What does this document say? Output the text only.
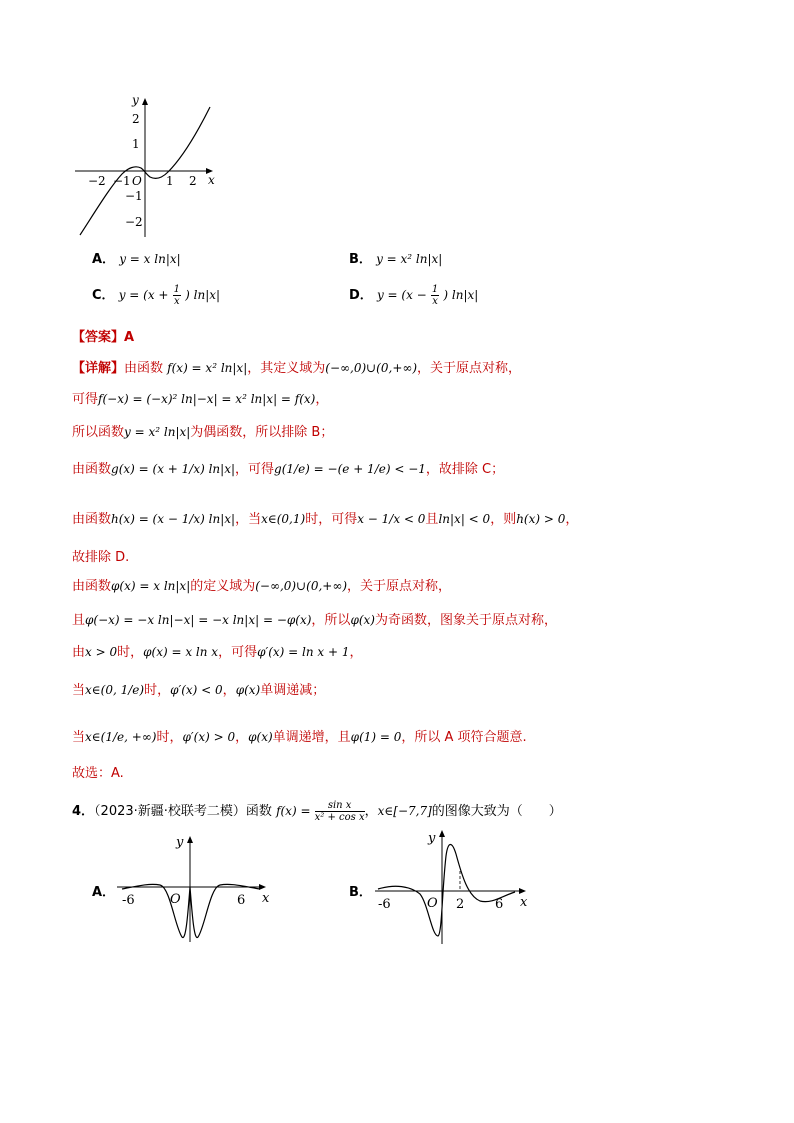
y
x
O
2
1
−1
−2
−2 −1	1 2
A． y = x ln|x|	B． y = x² ln|x|
C． $y = (x + \frac{1}{x}$ ) ln|x|	D． $y = (x - \frac{1}{x}$ ) ln|x|
【答案】A
【详解】由函数 f(x) = x² ln|x|，其定义域为(−∞,0)∪(0,+∞)，关于原点对称，
可得f(−x) = (−x)² ln|−x| = x² ln|x| = f(x)，
所以函数y = x² ln|x|为偶函数，所以排除 B；
由函数g(x) = (x + 1/x) ln|x|，可得g(1/e) = −(e + 1/e) < −1，故排除 C；
由函数h(x) = (x − 1/x) ln|x|，当x∈(0,1)时，可得x − 1/x < 0且ln|x| < 0，则h(x) > 0，
故排除 D.
由函数φ(x) = x ln|x|的定义域为(−∞,0)∪(0,+∞)，关于原点对称，
且φ(−x) = −x ln|−x| = −x ln|x| = −φ(x)，所以φ(x)为奇函数，图象关于原点对称，
由x > 0时，φ(x) = x ln x，可得φ′(x) = ln x + 1，
当x∈(0, 1/e)时，φ′(x) < 0，φ(x)单调递减；
当x∈(1/e, +∞)时，φ′(x) > 0，φ(x)单调递增，且φ(1) = 0，所以 A 项符合题意.
故选：A.
4．（2023·新疆·校联考二模）函数 $f(x) = \frac{\text{sin x}}{\text{x² + cos x}}$ ，x∈[−7,7]的图像大致为（　　）
A．
y
x
O
-6	6
B．
y
x
O
-6	2 6
